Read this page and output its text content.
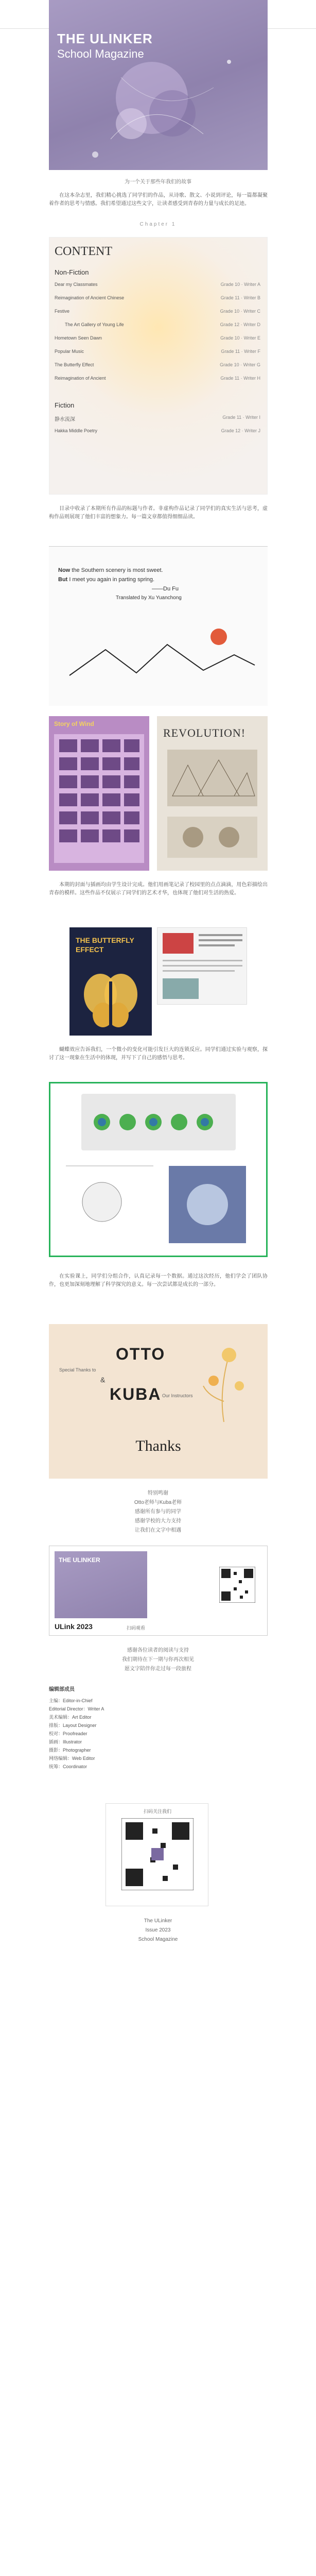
THE ULINKER
School Magazine
为一个关于那些年我们的故事
在这本杂志里，我们精心挑选了同学们的作品，从诗歌、散文、小说到评论，每一篇都凝聚着作者的思考与情感。我们希望通过这些文字，让读者感受到青春的力量与成长的足迹。
Chapter 1
CONTENT
Non-Fiction
Dear my Classmates	Grade 10 · Writer A
Reimagination of Ancient Chinese	Grade 11 · Writer B
Festive	Grade 10 · Writer C
The Art Gallery of Young Life	Grade 12 · Writer D
Hometown Seen Dawn	Grade 10 · Writer E
Popular Music	Grade 11 · Writer F
The Butterfly Effect	Grade 10 · Writer G
Reimagination of Ancient	Grade 11 · Writer H
Fiction
静水流深	Grade 11 · Writer I
Hakka Middle Poetry	Grade 12 · Writer J
目录中收录了本期所有作品的标题与作者。非虚构作品记录了同学们的真实生活与思考，虚构作品则展现了他们丰富的想象力。每一篇文章都值得细细品读。
Now the Southern scenery is most sweet.
But I meet you again in parting spring.
——Du Fu
Translated by Xu Yuanchong
Story of Wind
REVOLUTION!
本期的封面与插画均由学生设计完成。他们用画笔记录了校园里的点点滴滴，用色彩描绘出青春的模样。这些作品不仅展示了同学们的艺术才华，也体现了他们对生活的热爱。
THE BUTTERFLY EFFECT
蝴蝶效应告诉我们，一个微小的变化可能引发巨大的连锁反应。同学们通过实验与观察，探讨了这一现象在生活中的体现，并写下了自己的感悟与思考。
在实验课上，同学们分组合作，认真记录每一个数据。通过这次经历，他们学会了团队协作，也更加深刻地理解了科学探究的意义。每一次尝试都是成长的一部分。
Special Thanks to
OTTO
&
KUBA Our Instructors
Thanks
特别鸣谢
Otto老师与Kuba老师
感谢所有参与的同学
感谢学校的大力支持
让我们在文字中相遇
THE ULINKER
ULink 2023	扫码观看
感谢各位读者的阅读与支持
我们期待在下一期与你再次相见
愿文字陪伴你走过每一段旅程
编辑部成员
主编：Editor-in-Chief
Editorial Director：Writer A
美术编辑：Art Editor
排版：Layout Designer
校对：Proofreader
插画：Illustrator
摄影：Photographer
网络编辑：Web Editor
统筹：Coordinator
扫码关注我们
The ULinker
Issue 2023
School Magazine
